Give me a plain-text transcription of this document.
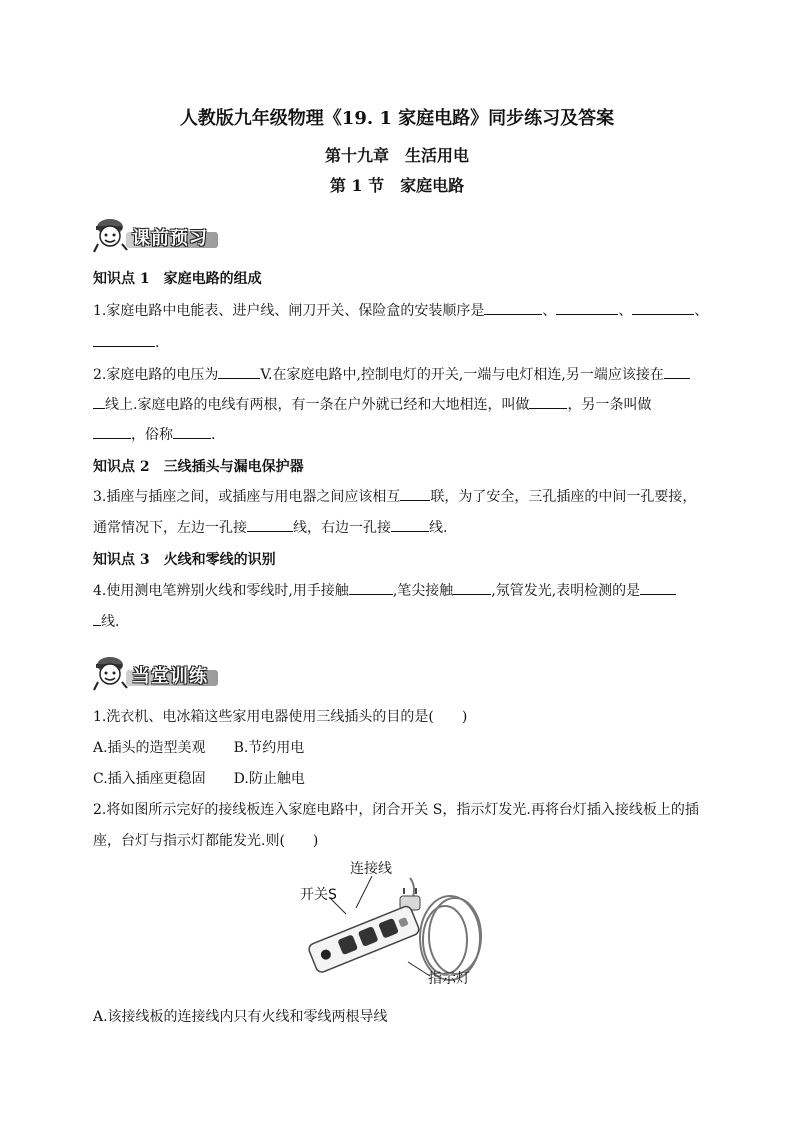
人教版九年级物理《19. 1 家庭电路》同步练习及答案
第十九章　生活用电
第 1 节　家庭电路
课前预习
知识点 1　家庭电路的组成
1.家庭电路中电能表、进户线、闸刀开关、保险盒的安装顺序是	、	、	、
.
2.家庭电路的电压为	V.在家庭电路中,控制电灯的开关,一端与电灯相连,另一端应该接在
线上.家庭电路的电线有两根，有一条在户外就已经和大地相连，叫做	，另一条叫做
，俗称	.
知识点 2　三线插头与漏电保护器
3.插座与插座之间，或插座与用电器之间应该相互 联，为了安全，三孔插座的中间一孔要接，
通常情况下，左边一孔接	线，右边一孔接	线.
知识点 3　火线和零线的识别
4.使用测电笔辨别火线和零线时,用手接触	,笔尖接触	,氖管发光,表明检测的是
线.
当堂训练
1.洗衣机、电冰箱这些家用电器使用三线插头的目的是(　　)
A.插头的造型美观 B.节约用电
C.插入插座更稳固 D.防止触电
2.将如图所示完好的接线板连入家庭电路中，闭合开关 S，指示灯发光.再将台灯插入接线板上的插
座，台灯与指示灯都能发光.则(　　)
连接线
开关S
指示灯
A.该接线板的连接线内只有火线和零线两根导线
